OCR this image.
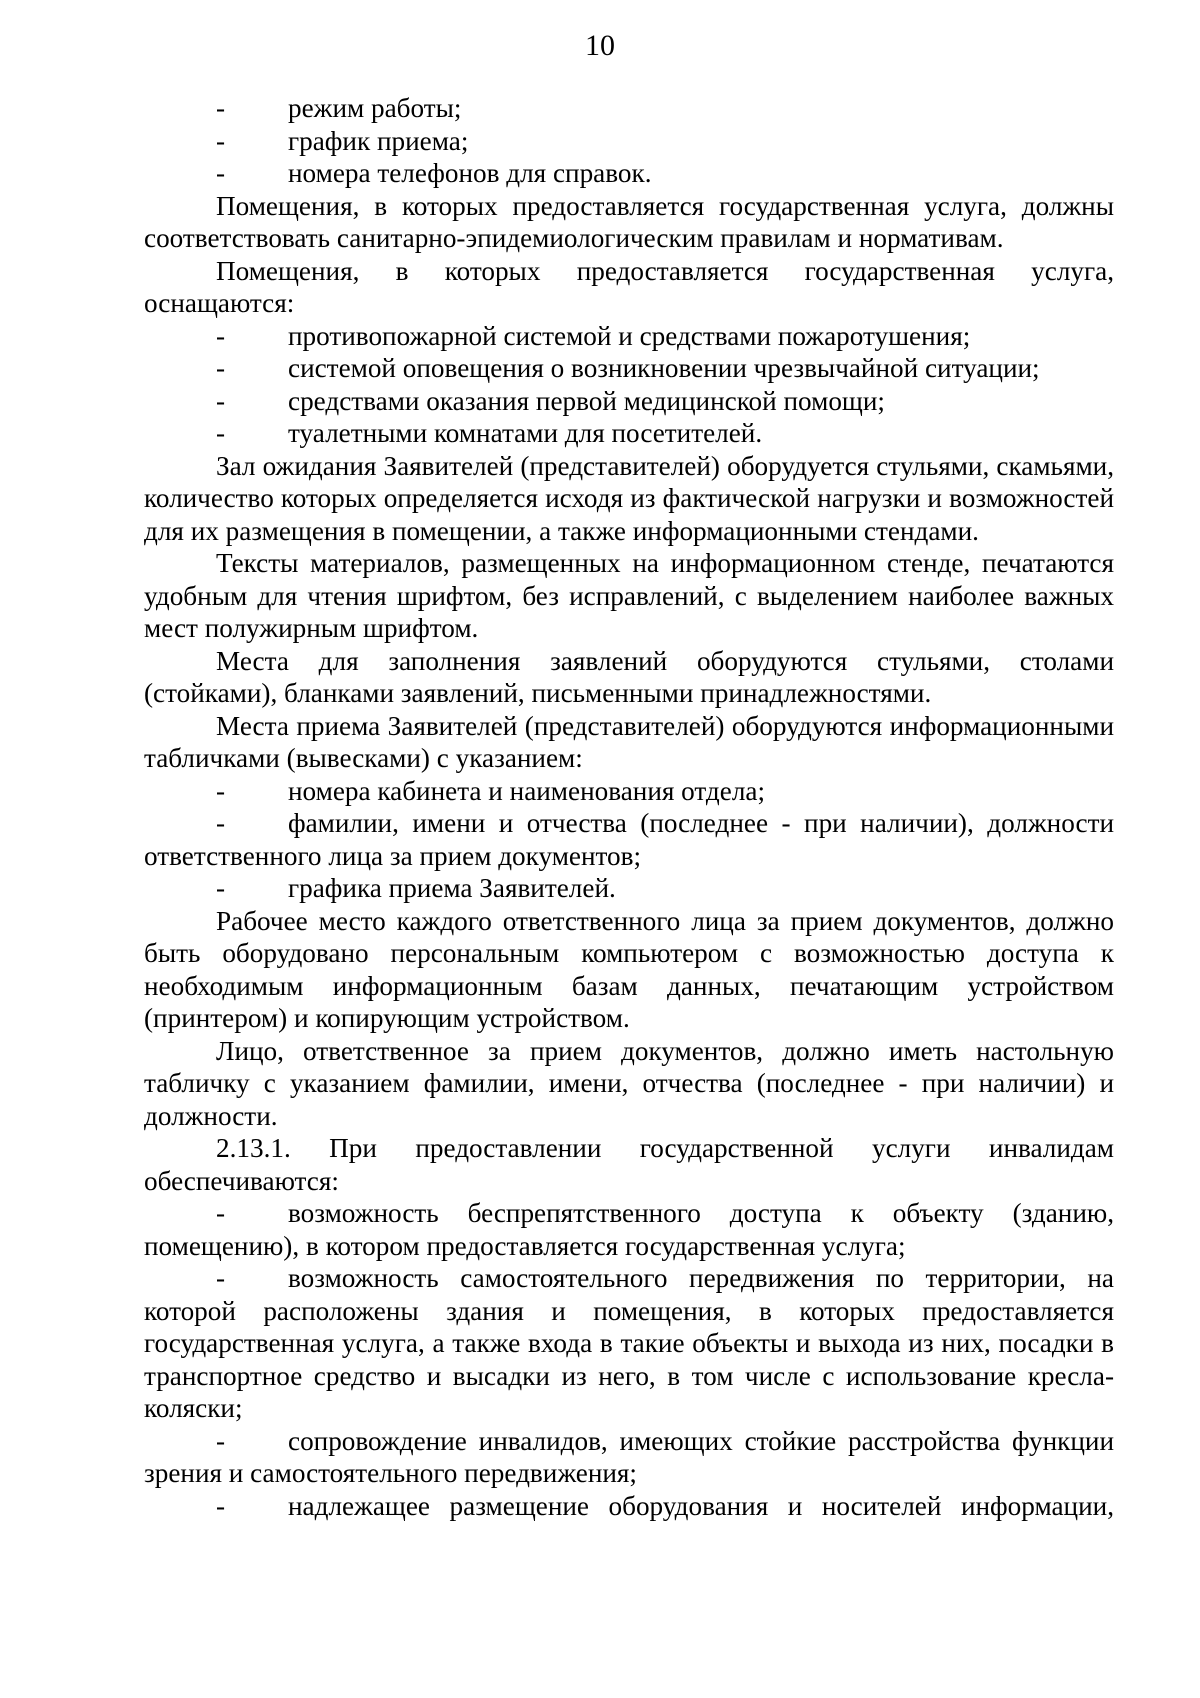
10

- режим работы;

- график приема;

- номера телефонов для справок.

Помещения, в которых предоставляется государственная услуга, должны соответствовать санитарно-эпидемиологическим правилам и нормативам.

Помещения, в которых предоставляется государственная услуга, оснащаются:

- противопожарной системой и средствами пожаротушения;

- системой оповещения о возникновении чрезвычайной ситуации;

- средствами оказания первой медицинской помощи;

- туалетными комнатами для посетителей.

Зал ожидания Заявителей (представителей) оборудуется стульями, скамьями, количество которых определяется исходя из фактической нагрузки и возможностей для их размещения в помещении, а также информационными стендами.

Тексты материалов, размещенных на информационном стенде, печатаются удобным для чтения шрифтом, без исправлений, с выделением наиболее важных мест полужирным шрифтом.

Места для заполнения заявлений оборудуются стульями, столами (стойками), бланками заявлений, письменными принадлежностями.

Места приема Заявителей (представителей) оборудуются информационными табличками (вывесками) с указанием:

- номера кабинета и наименования отдела;

- фамилии, имени и отчества (последнее - при наличии), должности ответственного лица за прием документов;

- графика приема Заявителей.

Рабочее место каждого ответственного лица за прием документов, должно быть оборудовано персональным компьютером с возможностью доступа к необходимым информационным базам данных, печатающим устройством (принтером) и копирующим устройством.

Лицо, ответственное за прием документов, должно иметь настольную табличку с указанием фамилии, имени, отчества (последнее - при наличии) и должности.

2.13.1. При предоставлении государственной услуги инвалидам обеспечиваются:

- возможность беспрепятственного доступа к объекту (зданию, помещению), в котором предоставляется государственная услуга;

- возможность самостоятельного передвижения по территории, на которой расположены здания и помещения, в которых предоставляется государственная услуга, а также входа в такие объекты и выхода из них, посадки в транспортное средство и высадки из него, в том числе с использование кресла- коляски;

- сопровождение инвалидов, имеющих стойкие расстройства функции зрения и самостоятельного передвижения;

- надлежащее размещение оборудования и носителей информации,
